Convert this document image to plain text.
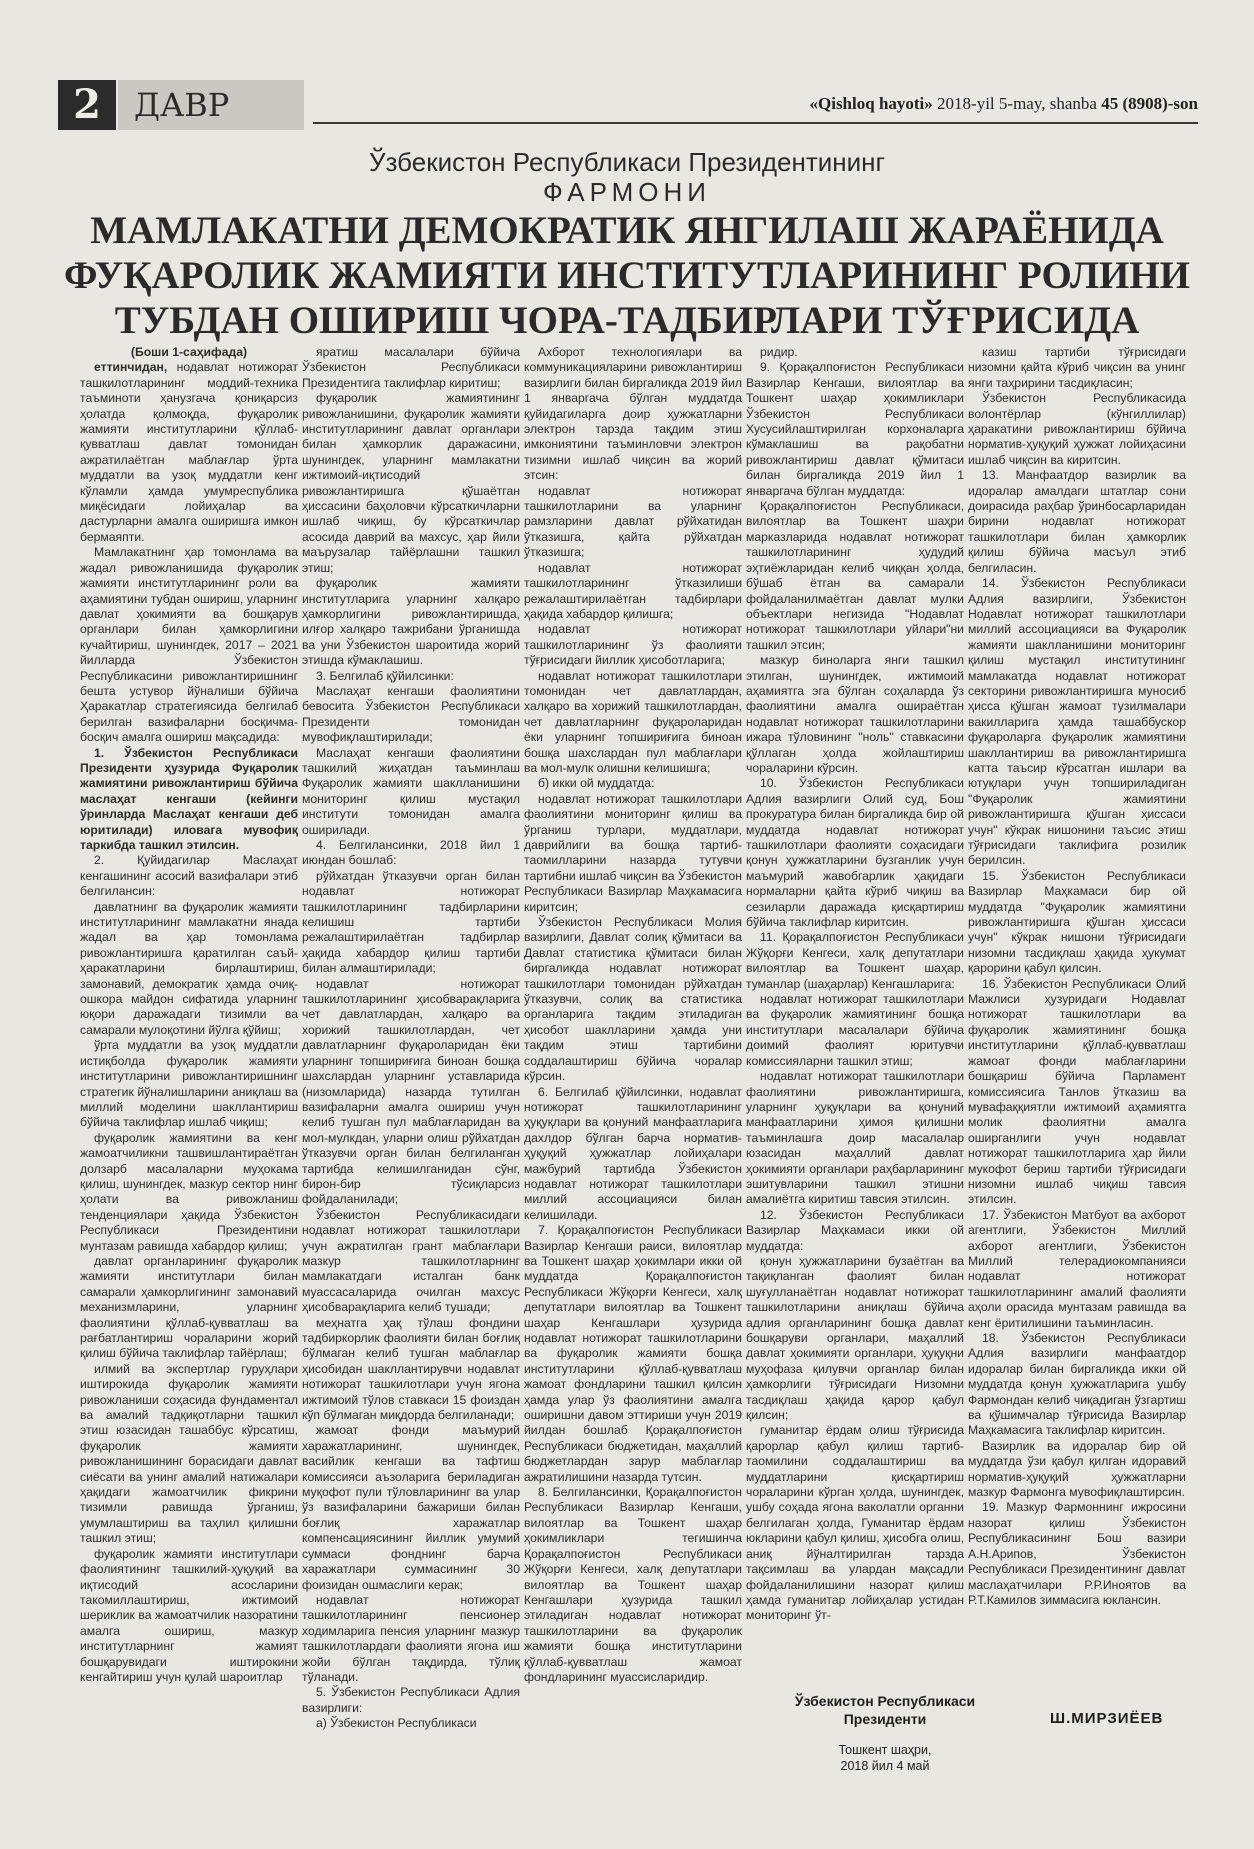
2	ДАВР	«Qishloq hayoti» 2018-yil 5-may, shanba 45 (8908)-son
Ўзбекистон Республикаси Президентининг
ФАРМОНИ
МАМЛАКАТНИ ДЕМОКРАТИК ЯНГИЛАШ ЖАРАЁНИДА
ФУҚАРОЛИК ЖАМИЯТИ ИНСТИТУТЛАРИНИНГ РОЛИНИ
ТУБДАН ОШИРИШ ЧОРА-ТАДБИРЛАРИ ТЎҒРИСИДА

(Боши 1-саҳифада)

еттинчидан, нодавлат нотижорат ташкилотларининг моддий-техника таъминоти ҳанузгача қониқарсиз ҳолатда қолмоқда, фуқаролик жамияти институтларини қўллаб-қувватлаш давлат томонидан ажратилаётган маблағлар ўрта муддатли ва узоқ муддатли кенг кўламли ҳамда умумреспублика миқёсидаги лойиҳалар ва дастурларни амалга оширишга имкон бермаяпти.

Мамлакатнинг ҳар томонлама ва жадал ривожланишида фуқаролик жамияти институтларининг роли ва аҳамиятини тубдан ошириш, уларнинг давлат ҳокимияти ва бошқарув органлари билан ҳамкорлигини кучайтириш, шунингдек, 2017 – 2021 йилларда Ўзбекистон Республикасини ривожлантиришнинг бешта устувор йўналиши бўйича Ҳаракатлар стратегиясида белгилаб берилган вазифаларни босқичма-босқич амалга ошириш мақсадида:

1. Ўзбекистон Республикаси Президенти ҳузурида Фуқаролик жамиятини ривожлантириш бўйича маслаҳат кенгаши (кейинги ўринларда Маслаҳат кенгаши деб юритилади) иловага мувофиқ таркибда ташкил этилсин.

2. Қуйидагилар Маслаҳат кенгашининг асосий вазифалари этиб белгилансин:

давлатнинг ва фуқаролик жамияти институтларининг мамлакатни янада жадал ва ҳар томонлама ривожлантиришга қаратилган саъй-ҳаракатларини бирлаштириш, замонавий, демократик ҳамда очиқ-ошкора майдон сифатида уларнинг юқори даражадаги тизимли ва самарали мулоқотини йўлга қўйиш;

ўрта муддатли ва узоқ муддатли истиқболда фуқаролик жамияти институтларини ривожлантиришнинг стратегик йўналишларини аниқлаш ва миллий моделини шакллантириш бўйича таклифлар ишлаб чиқиш;

фуқаролик жамиятини ва кенг жамоатчиликни ташвишлантираётган долзарб масалаларни муҳокама қилиш, шунингдек, мазкур сектор нинг ҳолати ва ривожланиш тенденциялари ҳақида Ўзбекистон Республикаси Президентини мунтазам равишда хабардор қилиш;

давлат органларининг фуқаролик жамияти институтлари билан самарали ҳамкорлигининг замонавий механизмларини, уларнинг фаолиятини қўллаб-қувватлаш ва рағбатлантириш чораларини жорий қилиш бўйича таклифлар тайёрлаш;

илмий ва экспертлар гуруҳлари иштирокида фуқаролик жамияти ривожланиши соҳасида фундаментал ва амалий тадқиқотларни ташкил этиш юзасидан ташаббус кўрсатиш, фуқаролик жамияти ривожланишининг борасидаги давлат сиёсати ва унинг амалий натижалари ҳақидаги жамоатчилик фикрини тизимли равишда ўрганиш, умумлаштириш ва таҳлил қилишни ташкил этиш;

фуқаролик жамияти институтлари фаолиятининг ташкилий-ҳуқуқий ва иқтисодий асосларини такомиллаштириш, ижтимоий шериклик ва жамоатчилик назоратини амалга ошириш, мазкур институтларнинг жамият бошқарувидаги иштирокини кенгайтириш учун қулай шароитлар

яратиш масалалари бўйича Ўзбекистон Республикаси Президентига таклифлар киритиш;

фуқаролик жамиятининг ривожланишини, фуқаролик жамияти институтларининг давлат органлари билан ҳамкорлик даражасини, шунингдек, уларнинг мамлакатни ижтимоий-иқтисодий ривожлантиришга қўшаётган ҳиссасини баҳоловчи кўрсаткичларни ишлаб чиқиш, бу кўрсаткичлар асосида даврий ва махсус, ҳар йили маърузалар тайёрлашни ташкил этиш;

фуқаролик жамияти институтларига уларнинг халқаро ҳамкорлигини ривожлантиришда, илғор халқаро тажрибани ўрганишда ва уни Ўзбекистон шароитида жорий этишда кўмаклашиш.

3. Белгилаб қўйилсинки:

Маслаҳат кенгаши фаолиятини бевосита Ўзбекистон Республикаси Президенти томонидан мувофиқлаштирилади;

Маслаҳат кенгаши фаолиятини ташкилий жиҳатдан таъминлаш Фуқаролик жамияти шаклланишини мониторинг қилиш мустақил институти томонидан амалга оширилади.

4. Белгилансинки, 2018 йил 1 июндан бошлаб:

рўйхатдан ўтказувчи орган билан нодавлат нотижорат ташкилотларининг тадбирларини келишиш тартиби режалаштирилаётган тадбирлар ҳақида хабардор қилиш тартиби билан алмаштирилади;

нодавлат нотижорат ташкилотларининг ҳисобварақларига чет давлатлардан, халқаро ва хорижий ташкилотлардан, чет давлатларнинг фуқароларидан ёки уларнинг топшириғига биноан бошқа шахслардан уларнинг уставларида (низомларида) назарда тутилган вазифаларни амалга ошириш учун келиб тушган пул маблағларидан ва мол-мулкдан, уларни олиш рўйхатдан ўтказувчи орган билан белгиланган тартибда келишилганидан сўнг, бирон-бир тўсиқларсиз фойдаланилади;

Ўзбекистон Республикасидаги нодавлат нотижорат ташкилотлари учун ажратилган грант маблағлари мазкур ташкилотларнинг мамлакатдаги исталган банк муассасаларида очилган махсус ҳисобварақларига келиб тушади;

меҳнатга ҳақ тўлаш фондини тадбиркорлик фаолияти билан боғлиқ бўлмаган келиб тушган маблағлар ҳисобидан шакллантирувчи нодавлат нотижорат ташкилотлари учун ягона ижтимоий тўлов ставкаси 15 фоиздан кўп бўлмаган миқдорда белгиланади;

жамоат фонди маъмурий харажатларининг, шунингдек, васийлик кенгаши ва тафтиш комиссияси аъзоларига бериладиган муқофот пули тўловларининг ва улар ўз вазифаларини бажариши билан боғлиқ харажатлар компенсациясининг йиллик умумий суммаси фонднинг барча харажатлари суммасининг 30 фоизидан ошмаслиги керак;

нодавлат нотижорат ташкилотларининг пенсионер ходимларига пенсия уларнинг мазкур ташкилотлардаги фаолияти ягона иш жойи бўлган тақдирда, тўлиқ тўланади.

5. Ўзбекистон Республикаси Адлия вазирлиги:

а) Ўзбекистон Республикаси

Ахборот технологиялари ва коммуникацияларини ривожлантириш вазирлиги билан биргаликда 2019 йил 1 январгача бўлган муддатда қуйидагиларга доир ҳужжатларни электрон тарзда тақдим этиш имкониятини таъминловчи электрон тизимни ишлаб чиқсин ва жорий этсин:

нодавлат нотижорат ташкилотларини ва уларнинг рамзларини давлат рўйхатидан ўтказишга, қайта рўйхатдан ўтказишга;

нодавлат нотижорат ташкилотларининг ўтказилиши режалаштирилаётган тадбирлари ҳақида хабардор қилишга;

нодавлат нотижорат ташкилотларининг ўз фаолияти тўғрисидаги йиллик ҳисоботларига;

нодавлат нотижорат ташкилотлари томонидан чет давлатлардан, халқаро ва хорижий ташкилотлардан, чет давлатларнинг фуқароларидан ёки уларнинг топшириғига биноан бошқа шахслардан пул маблағлари ва мол-мулк олишни келишишга;

б) икки ой муддатда:

нодавлат нотижорат ташкилотлари фаолиятини мониторинг қилиш ва ўрганиш турлари, муддатлари, даврийлиги ва бошқа тартиб-таомилларини назарда тутувчи тартибни ишлаб чиқсин ва Ўзбекистон Республикаси Вазирлар Маҳкамасига киритсин;

Ўзбекистон Республикаси Молия вазирлиги, Давлат солиқ қўмитаси ва Давлат статистика қўмитаси билан биргаликда нодавлат нотижорат ташкилотлари томонидан рўйхатдан ўтказувчи, солиқ ва статистика органларига тақдим этиладиган ҳисобот шаклларини ҳамда уни тақдим этиш тартибини соддалаштириш бўйича чоралар кўрсин.

6. Белгилаб қўйилсинки, нодавлат нотижорат ташкилотларининг ҳуқуқлари ва қонуний манфаатларига дахлдор бўлган барча норматив-ҳуқуқий ҳужжатлар лойиҳалари мажбурий тартибда Ўзбекистон нодавлат нотижорат ташкилотлари миллий ассоциацияси билан келишилади.

7. Қорақалпоғистон Республикаси Вазирлар Кенгаши раиси, вилоятлар ва Тошкент шаҳар ҳокимлари икки ой муддатда Қорақалпоғистон Республикаси Жўқорғи Кенгеси, халқ депутатлари вилоятлар ва Тошкент шаҳар Кенгашлари ҳузурида нодавлат нотижорат ташкилотларини ва фуқаролик жамияти бошқа институтларини қўллаб-қувватлаш жамоат фондларини ташкил қилсин ҳамда улар ўз фаолиятини амалга оширишни давом эттириши учун 2019 йилдан бошлаб Қорақалпоғистон Республикаси бюджетидан, маҳаллий бюджетлардан зарур маблағлар ажратилишини назарда тутсин.

8. Белгилансинки, Қорақалпоғистон Республикаси Вазирлар Кенгаши, вилоятлар ва Тошкент шаҳар ҳокимликлари тегишинча Қорақалпоғистон Республикаси Жўқорғи Кенгеси, халқ депутатлари вилоятлар ва Тошкент шаҳар Кенгашлари ҳузурида ташкил этиладиган нодавлат нотижорат ташкилотларини ва фуқаролик жамияти бошқа институтларини қўллаб-қувватлаш жамоат фондларининг муассисларидир.

ридир.

9. Қорақалпоғистон Республикаси Вазирлар Кенгаши, вилоятлар ва Тошкент шаҳар ҳокимликлари Ўзбекистон Республикаси Хусусийлаштирилган корхоналарга кўмаклашиш ва рақобатни ривожлантириш давлат қўмитаси билан биргаликда 2019 йил 1 январгача бўлган муддатда:

Қорақалпоғистон Республикаси, вилоятлар ва Тошкент шаҳри марказларида нодавлат нотижорат ташкилотларининг ҳудудий эҳтиёжларидан келиб чиққан ҳолда, бўшаб ётган ва самарали фойдаланилмаётган давлат мулки объектлари негизида "Нодавлат нотижорат ташкилотлари уйлари"ни ташкил этсин;

мазкур биноларга янги ташкил этилган, шунингдек, ижтимоий аҳамиятга эга бўлган соҳаларда ўз фаолиятини амалга ошираётган нодавлат нотижорат ташкилотларини ижара тўловининг "ноль" ставкасини қўллаган ҳолда жойлаштириш чораларини кўрсин.

10. Ўзбекистон Республикаси Адлия вазирлиги Олий суд, Бош прокуратура билан биргаликда бир ой муддатда нодавлат нотижорат ташкилотлари фаолияти соҳасидаги қонун ҳужжатларини бузганлик учун маъмурий жавобгарлик ҳақидаги нормаларни қайта кўриб чиқиш ва сезиларли даражада қисқартириш бўйича таклифлар киритсин.

11. Қорақалпоғистон Республикаси Жўқорғи Кенгеси, халқ депутатлари вилоятлар ва Тошкент шаҳар, туманлар (шаҳарлар) Кенгашларига:

нодавлат нотижорат ташкилотлари ва фуқаролик жамиятининг бошқа институтлари масалалари бўйича доимий фаолият юритувчи комиссияларни ташкил этиш;

нодавлат нотижорат ташкилотлари фаолиятини ривожлантиришга, уларнинг ҳуқуқлари ва қонуний манфаатларини ҳимоя қилишни таъминлашга доир масалалар юзасидан маҳаллий давлат ҳокимияти органлари раҳбарларининг эшитувларини ташкил этишни амалиётга киритиш тавсия этилсин.

12. Ўзбекистон Республикаси Вазирлар Маҳкамаси икки ой муддатда:

қонун ҳужжатларини бузаётган ва тақиқланган фаолият билан шуғулланаётган нодавлат нотижорат ташкилотларини аниқлаш бўйича адлия органларининг бошқа давлат бошқаруви органлари, маҳаллий давлат ҳокимияти органлари, ҳуқуқни муҳофаза қилувчи органлар билан ҳамкорлиги тўғрисидаги Низомни тасдиқлаш ҳақида қарор қабул қилсин;

гуманитар ёрдам олиш тўғрисида қарорлар қабул қилиш тартиб-таомилини соддалаштириш ва муддатларини қисқартириш чораларини кўрган ҳолда, шунингдек, ушбу соҳада ягона ваколатли органни белгилаган ҳолда, Гуманитар ёрдам юкларини қабул қилиш, ҳисобга олиш, аниқ йўналтирилган тарзда тақсимлаш ва улардан мақсадли фойдаланилишини назорат қилиш ҳамда гуманитар лойиҳалар устидан мониторинг ўт-

казиш тартиби тўғрисидаги низомни қайта кўриб чиқсин ва унинг янги таҳририни тасдиқласин;

Ўзбекистон Республикасида волонтёрлар (кўнгиллилар) ҳаракатини ривожлантириш бўйича норматив-ҳуқуқий ҳужжат лойиҳасини ишлаб чиқсин ва киритсин.

13. Манфаатдор вазирлик ва идоралар амалдаги штатлар сони доирасида раҳбар ўринбосарларидан бирини нодавлат нотижорат ташкилотлари билан ҳамкорлик қилиш бўйича масъул этиб белгиласин.

14. Ўзбекистон Республикаси Адлия вазирлиги, Ўзбекистон Нодавлат нотижорат ташкилотлари миллий ассоциацияси ва Фуқаролик жамияти шаклланишини мониторинг қилиш мустақил институтининг мамлакатда нодавлат нотижорат секторини ривожлантиришга муносиб ҳисса қўшган жамоат тузилмалари вакилларига ҳамда ташаббускор фуқароларга фуқаролик жамиятини шакллантириш ва ривожлантиришга катта таъсир кўрсатган ишлари ва ютуқлари учун топшириладиган "Фуқаролик жамиятини ривожлантиришга қўшган ҳиссаси учун" кўкрак нишонини таъсис этиш тўғрисидаги таклифига розилик берилсин.

15. Ўзбекистон Республикаси Вазирлар Маҳкамаси бир ой муддатда "Фуқаролик жамиятини ривожлантиришга қўшган ҳиссаси учун" кўкрак нишони тўғрисидаги низомни тасдиқлаш ҳақида ҳукумат қарорини қабул қилсин.

16. Ўзбекистон Республикаси Олий Мажлиси ҳузуридаги Нодавлат нотижорат ташкилотлари ва фуқаролик жамиятининг бошқа институтларини қўллаб-қувватлаш жамоат фонди маблағларини бошқариш бўйича Парламент комиссиясига Танлов ўтказиш ва мувафаққиятли ижтимоий аҳамиятга молик фаолиятни амалга оширганлиги учун нодавлат нотижорат ташкилотларига ҳар йили мукофот бериш тартиби тўғрисидаги низомни ишлаб чиқиш тавсия этилсин.

17. Ўзбекистон Матбуот ва ахборот агентлиги, Ўзбекистон Миллий ахборот агентлиги, Ўзбекистон Миллий телерадиокомпанияси нодавлат нотижорат ташкилотларининг амалий фаолияти аҳоли орасида мунтазам равишда ва кенг ёритилишини таъминласин.

18. Ўзбекистон Республикаси Адлия вазирлиги манфаатдор идоралар билан биргаликда икки ой муддатда қонун ҳужжатларига ушбу Фармондан келиб чиқадиган ўзгартиш ва қўшимчалар тўғрисида Вазирлар Маҳкамасига таклифлар киритсин.

Вазирлик ва идоралар бир ой муддатда ўзи қабул қилган идоравий норматив-ҳуқуқий ҳужжатларни мазкур Фармонга мувофиқлаштирсин.

19. Мазкур Фармоннинг ижросини назорат қилиш Ўзбекистон Республикасининг Бош вазири А.Н.Арипов, Ўзбекистон Республикаси Президентининг давлат маслаҳатчилари Р.Р.Иноятов ва Р.Т.Камилов зиммасига юклансин.

Ўзбекистон Республикаси
Президенти	Ш.МИРЗИЁЕВ
Тошкент шаҳри,
2018 йил 4 май
